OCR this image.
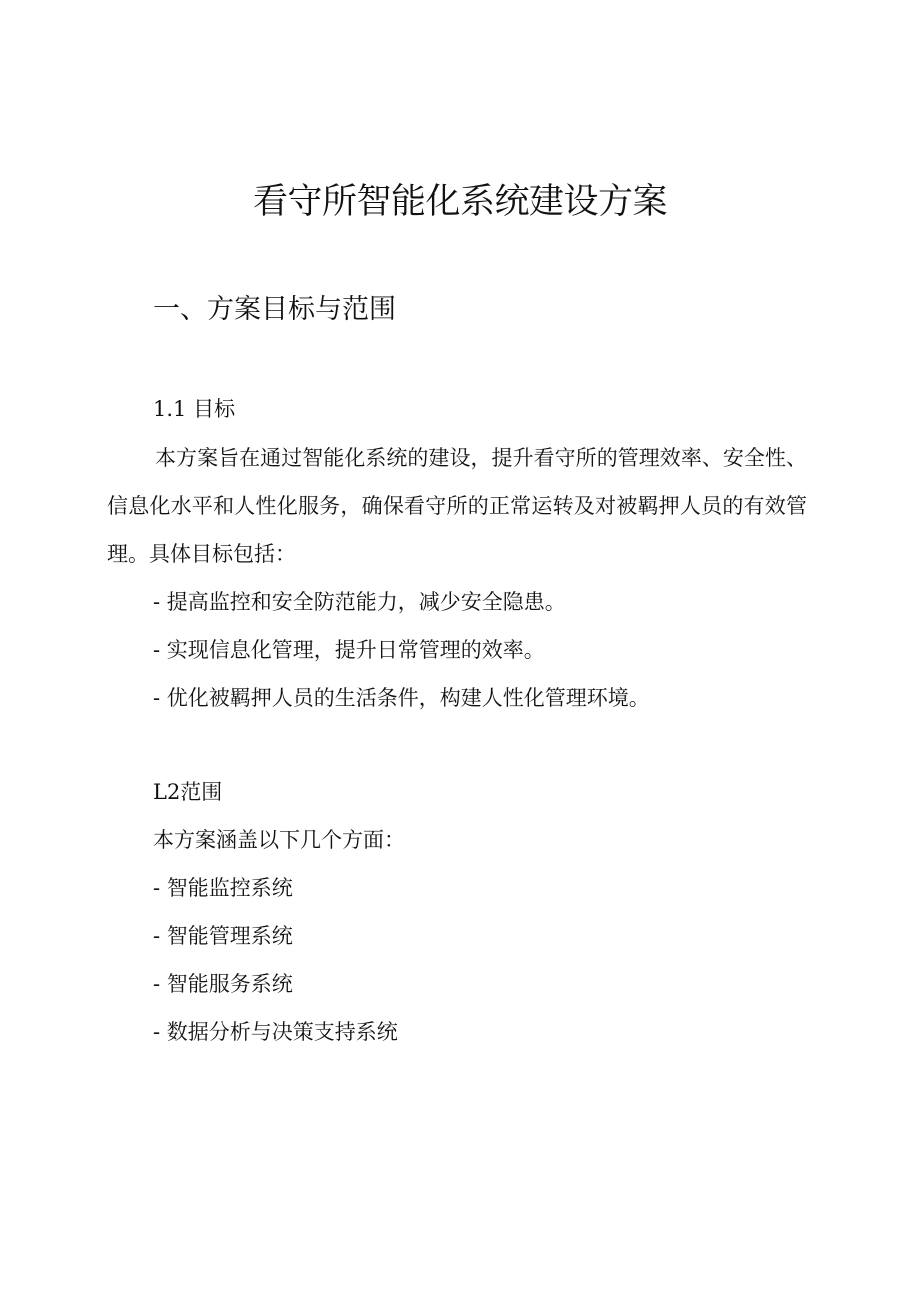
看守所智能化系统建设方案
一、方案目标与范围
1.1 目标

本方案旨在通过智能化系统的建设，提升看守所的管理效率、安全性、信息化水平和人性化服务，确保看守所的正常运转及对被羁押人员的有效管理。具体目标包括：

- 提高监控和安全防范能力，减少安全隐患。
- 实现信息化管理，提升日常管理的效率。
- 优化被羁押人员的生活条件，构建人性化管理环境。
L2范围
本方案涵盖以下几个方面：
- 智能监控系统
- 智能管理系统
- 智能服务系统
- 数据分析与决策支持系统
